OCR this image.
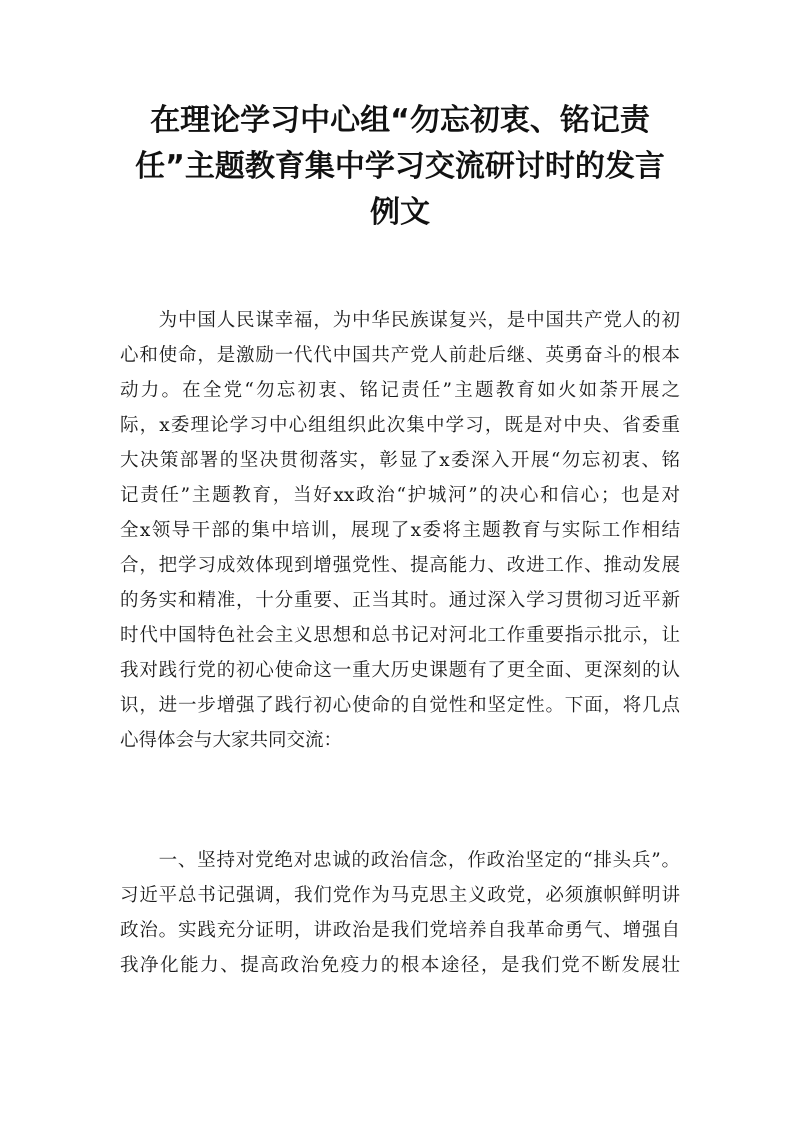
在理论学习中心组“勿忘初衷、铭记责
任”主题教育集中学习交流研讨时的发言
例文
　　为中国人民谋幸福，为中华民族谋复兴，是中国共产党人的初
心和使命，是激励一代代中国共产党人前赴后继、英勇奋斗的根本
动力。在全党“勿忘初衷、铭记责任”主题教育如火如荼开展之
际，x委理论学习中心组组织此次集中学习，既是对中央、省委重
大决策部署的坚决贯彻落实，彰显了x委深入开展“勿忘初衷、铭
记责任”主题教育，当好xx政治“护城河”的决心和信心；也是对
全x领导干部的集中培训，展现了x委将主题教育与实际工作相结
合，把学习成效体现到增强党性、提高能力、改进工作、推动发展
的务实和精准，十分重要、正当其时。通过深入学习贯彻习近平新
时代中国特色社会主义思想和总书记对河北工作重要指示批示，让
我对践行党的初心使命这一重大历史课题有了更全面、更深刻的认
识，进一步增强了践行初心使命的自觉性和坚定性。下面，将几点
心得体会与大家共同交流：
　　一、坚持对党绝对忠诚的政治信念，作政治坚定的“排头兵”。
习近平总书记强调，我们党作为马克思主义政党，必须旗帜鲜明讲
政治。实践充分证明，讲政治是我们党培养自我革命勇气、增强自
我净化能力、提高政治免疫力的根本途径，是我们党不断发展壮
